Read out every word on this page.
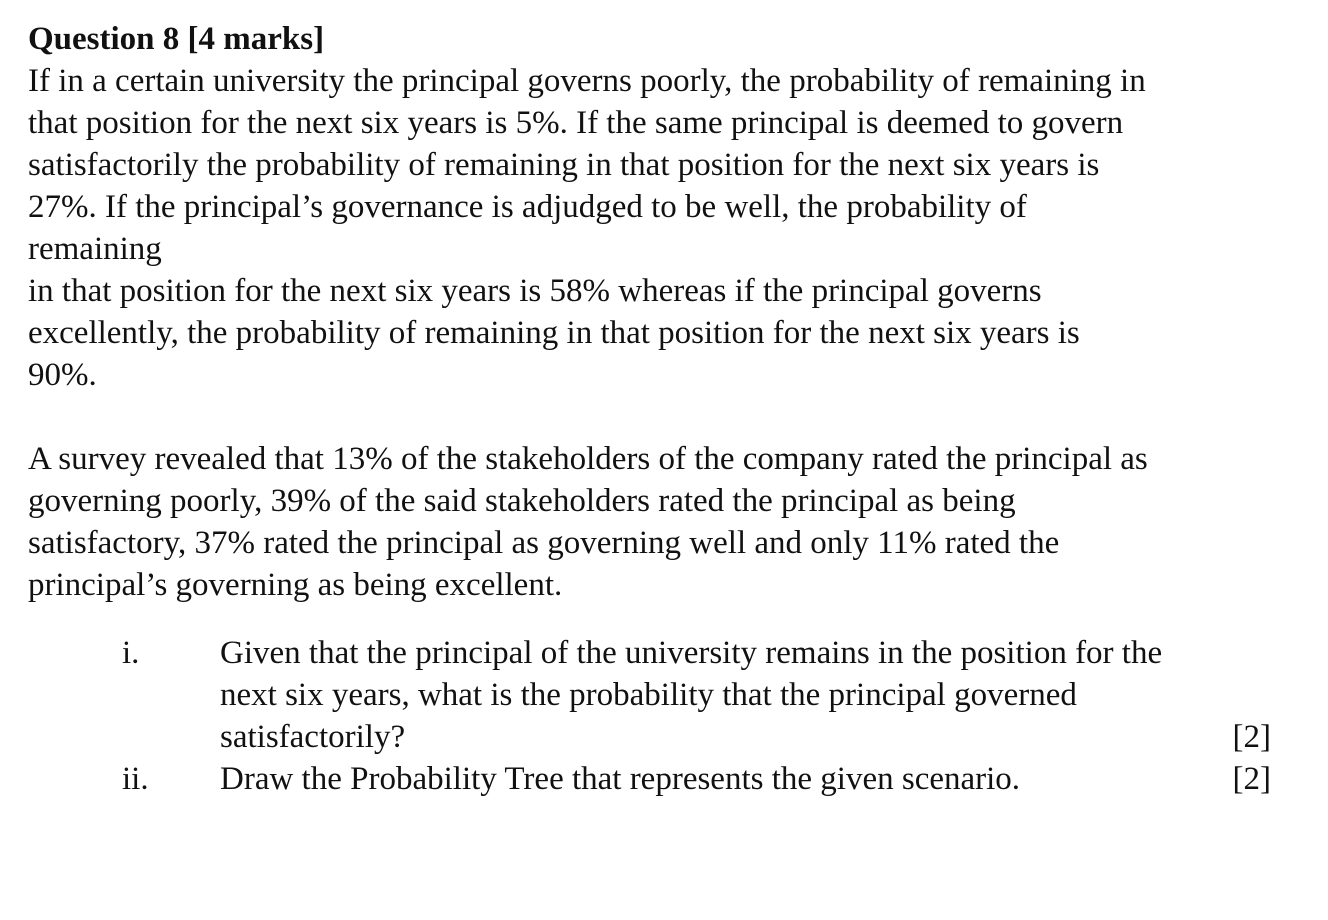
Question 8 [4 marks]
If in a certain university the principal governs poorly, the probability of remaining in
that position for the next six years is 5%. If the same principal is deemed to govern
satisfactorily the probability of remaining in that position for the next six years is
27%. If the principal’s governance is adjudged to be well, the probability of
remaining
in that position for the next six years is 58% whereas if the principal governs
excellently, the probability of remaining in that position for the next six years is
90%.
A survey revealed that 13% of the stakeholders of the company rated the principal as
governing poorly, 39% of the said stakeholders rated the principal as being
satisfactory, 37% rated the principal as governing well and only 11% rated the
principal’s governing as being excellent.
i. Given that the principal of the university remains in the position for the
next six years, what is the probability that the principal governed
satisfactorily?	[2]
ii. Draw the Probability Tree that represents the given scenario.	[2]
